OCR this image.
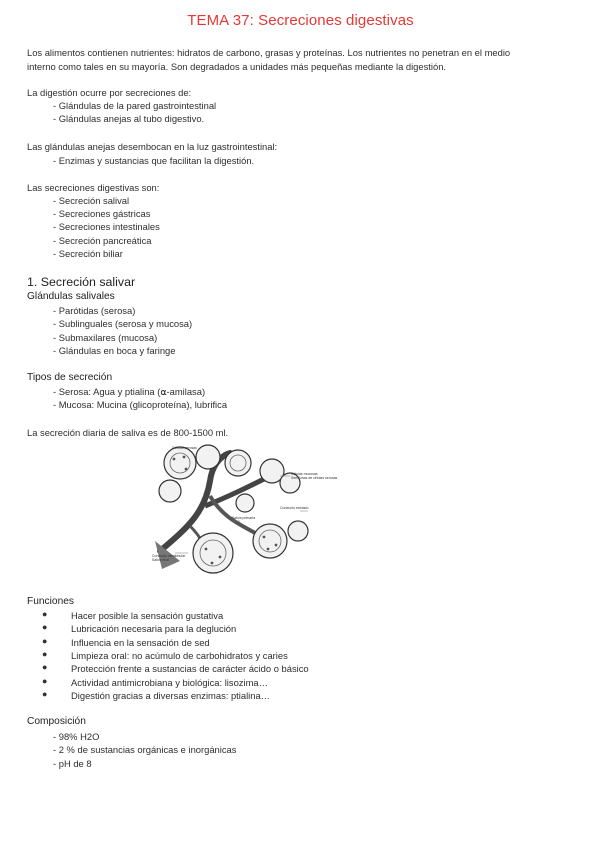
TEMA 37: Secreciones digestivas
Los alimentos contienen nutrientes: hidratos de carbono, grasas y proteínas. Los nutrientes no penetran en el medio
interno como tales en su mayoría. Son degradados a unidades más pequeñas mediante la digestión.
La digestión ocurre por secreciones de:
- Glándulas de la pared gastrointestinal
- Glándulas anejas al tubo digestivo.
Las glándulas anejas desembocan en la luz gastrointestinal:
- Enzimas y sustancias que facilitan la digestión.
Las secreciones digestivas son:
- Secreción salival
- Secreciones gástricas
- Secreciones intestinales
- Secreción pancreática
- Secreción biliar
1. Secreción salivar
Glándulas salivales
- Parótidas (serosa)
- Sublinguales (serosa y mucosa)
- Submaxilares (mucosa)
- Glándulas en boca y faringe
Tipos de secreción
- Serosa: Agua y ptialina (⍺-amilasa)
- Mucosa: Mucina (glicoproteína), lubrifica
La secreción diaria de saliva es de 800-1500 ml.
Células serosas
Células mucosas
Semilunas de células serosas
Conducto estriado
Saliva primaria
Conducto intralobular
Saliva final
Funciones
●	Hacer posible la sensación gustativa
●	Lubricación necesaria para la deglución
●	Influencia en la sensación de sed
●	Limpieza oral: no acúmulo de carbohidratos y caries
●	Protección frente a sustancias de carácter ácido o básico
●	Actividad antimicrobiana y biológica: lisozima…
●	Digestión gracias a diversas enzimas: ptialina…
Composición
- 98% H2O
- 2 % de sustancias orgánicas e inorgánicas
- pH de 8
